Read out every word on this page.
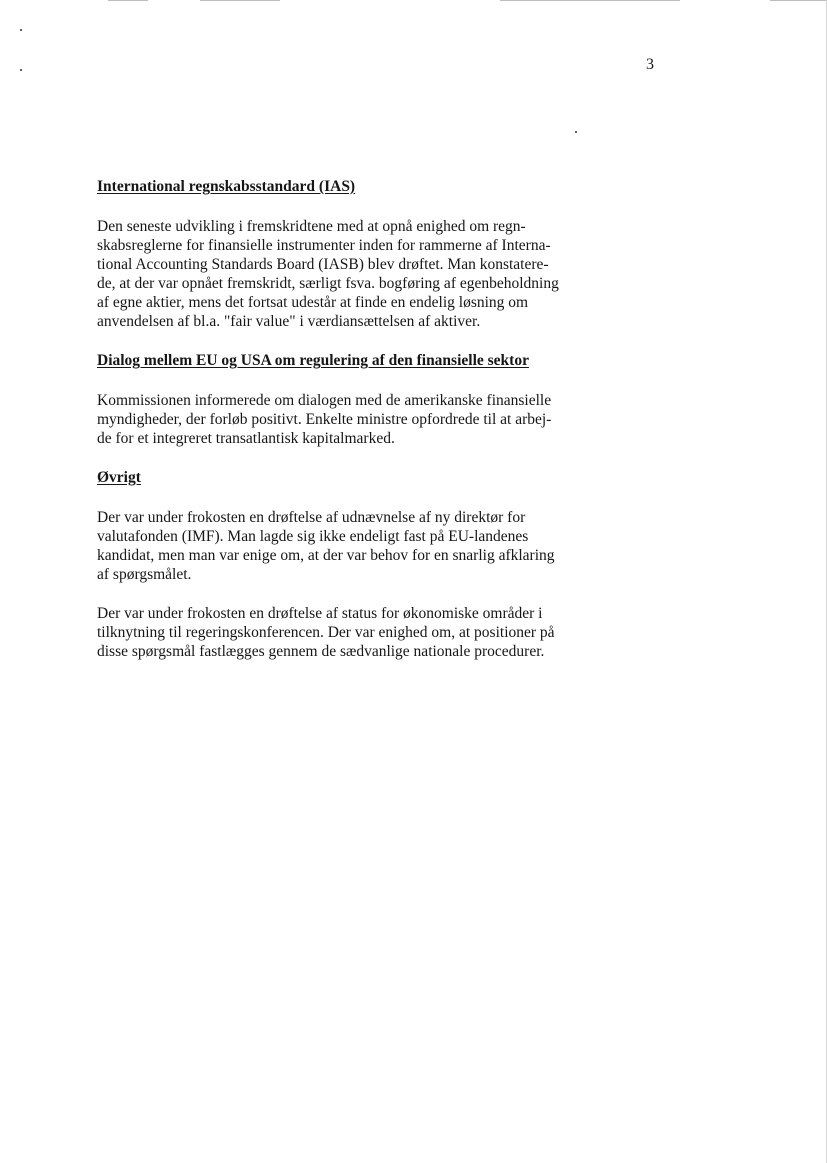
3
International regnskabsstandard (IAS)
Den seneste udvikling i fremskridtene med at opnå enighed om regn-
skabsreglerne for finansielle instrumenter inden for rammerne af Interna-
tional Accounting Standards Board (IASB) blev drøftet. Man konstatere-
de, at der var opnået fremskridt, særligt fsva. bogføring af egenbeholdning
af egne aktier, mens det fortsat udestår at finde en endelig løsning om
anvendelsen af bl.a. "fair value" i værdiansættelsen af aktiver.
Dialog mellem EU og USA om regulering af den finansielle sektor
Kommissionen informerede om dialogen med de amerikanske finansielle
myndigheder, der forløb positivt. Enkelte ministre opfordrede til at arbej-
de for et integreret transatlantisk kapitalmarked.
Øvrigt
Der var under frokosten en drøftelse af udnævnelse af ny direktør for
valutafonden (IMF). Man lagde sig ikke endeligt fast på EU-landenes
kandidat, men man var enige om, at der var behov for en snarlig afklaring
af spørgsmålet.
Der var under frokosten en drøftelse af status for økonomiske områder i
tilknytning til regeringskonferencen. Der var enighed om, at positioner på
disse spørgsmål fastlægges gennem de sædvanlige nationale procedurer.
